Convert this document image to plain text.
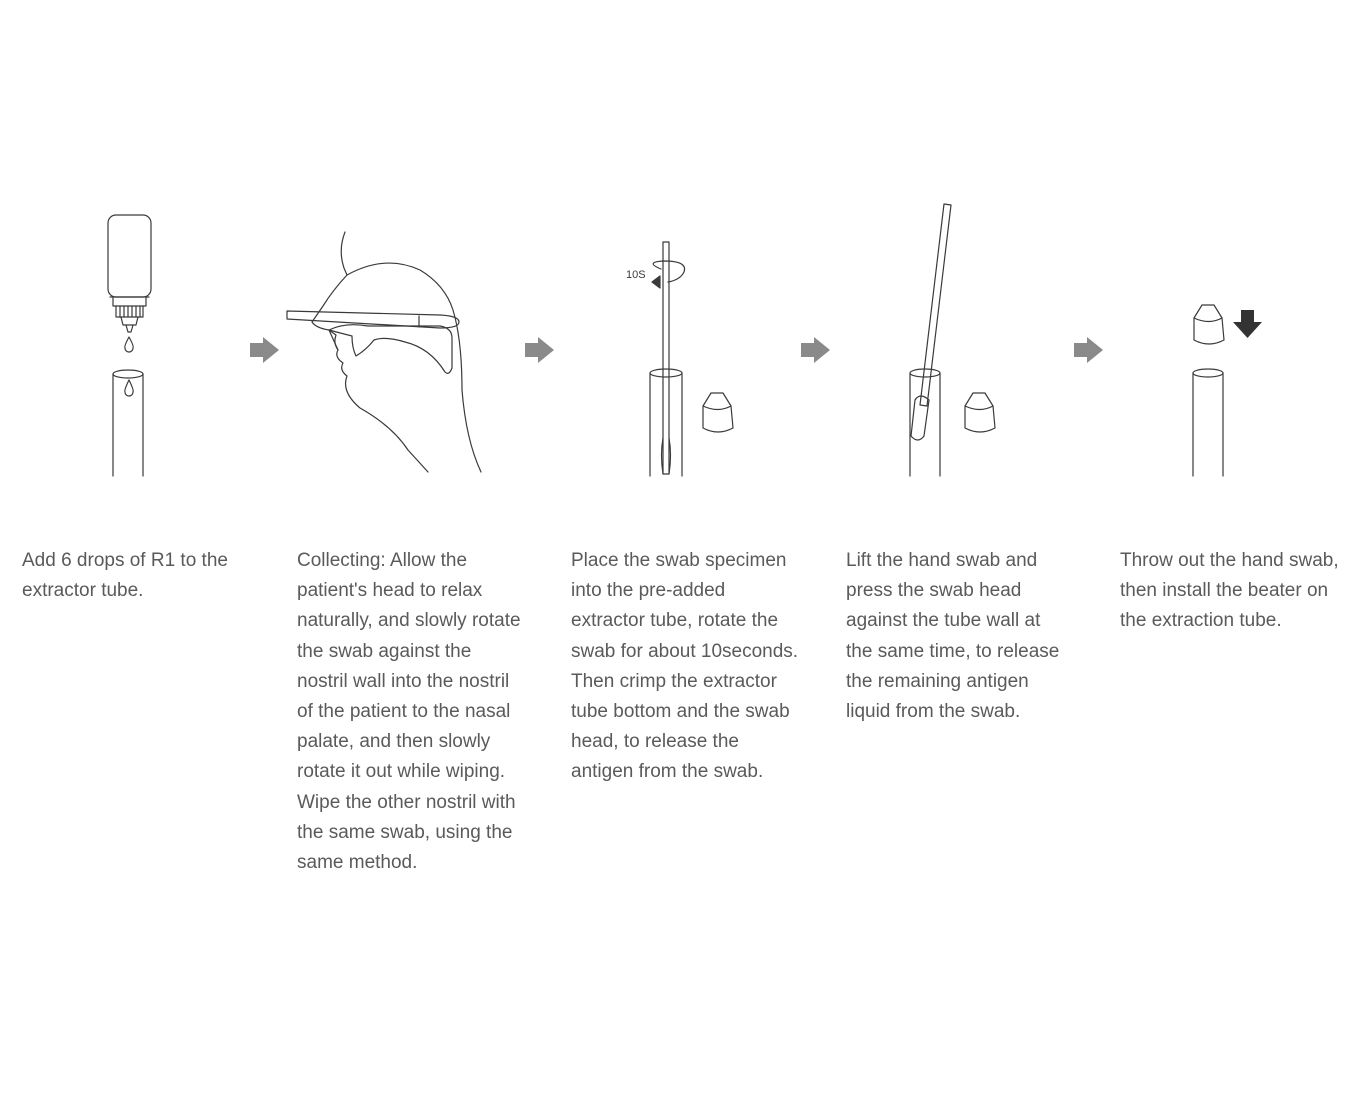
10S
Add 6 drops of R1 to the
extractor tube.
Collecting: Allow the
patient's head to relax
naturally, and slowly rotate
the swab against the
nostril wall into the nostril
of the patient to the nasal
palate, and then slowly
rotate it out while wiping.
Wipe the other nostril with
the same swab, using the
same method.
Place the swab specimen
into the pre-added
extractor tube, rotate the
swab for about 10seconds.
Then crimp the extractor
tube bottom and the swab
head, to release the
antigen from the swab.
Lift the hand swab and
press the swab head
against the tube wall at
the same time, to release
the remaining antigen
liquid from the swab.
Throw out the hand swab,
then install the beater on
the extraction tube.
